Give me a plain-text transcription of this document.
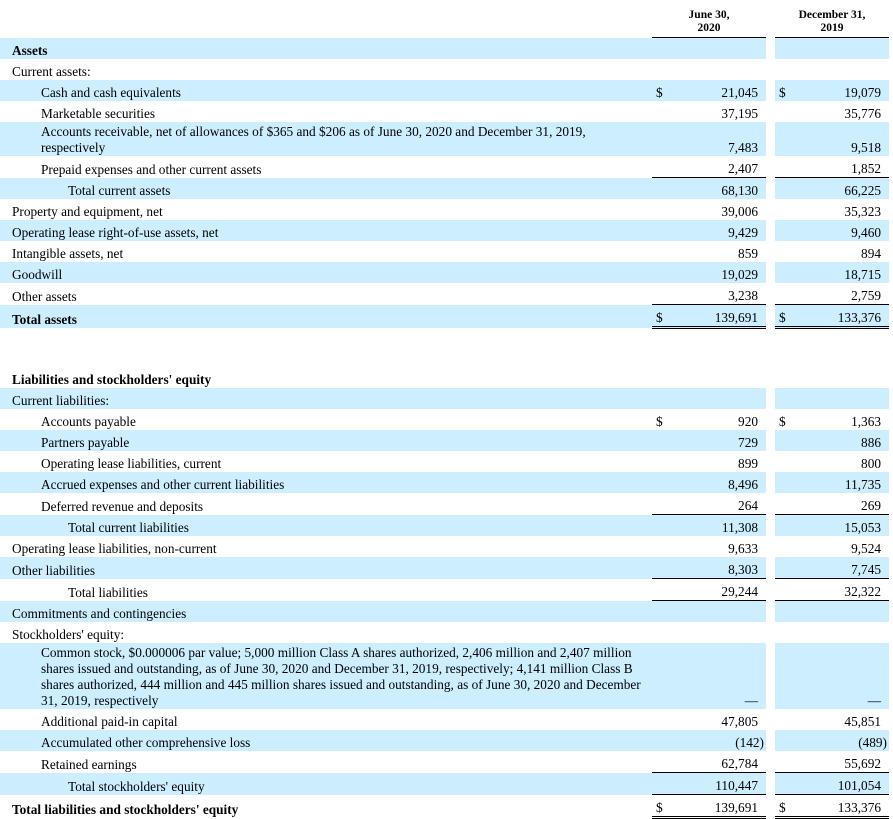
	June 30,
2020			December 31,
2019	
Assets					
Current assets:					
Cash and cash equivalents	$	21,045		$	19,079
Marketable securities		37,195			35,776
Accounts receivable, net of allowances of $365 and $206 as of June 30, 2020 and December 31, 2019, respectively		7,483			9,518
Prepaid expenses and other current assets		2,407			1,852
Total current assets		68,130			66,225
Property and equipment, net		39,006			35,323
Operating lease right-of-use assets, net		9,429			9,460
Intangible assets, net		859			894
Goodwill		19,029			18,715
Other assets		3,238			2,759
Total assets	$	139,691		$	133,376

Liabilities and stockholders' equity					
Current liabilities:					
Accounts payable	$	920		$	1,363
Partners payable		729			886
Operating lease liabilities, current		899			800
Accrued expenses and other current liabilities		8,496			11,735
Deferred revenue and deposits		264			269
Total current liabilities		11,308			15,053
Operating lease liabilities, non-current		9,633			9,524
Other liabilities		8,303			7,745
Total liabilities		29,244			32,322
Commitments and contingencies					
Stockholders' equity:					
Common stock, $0.000006 par value; 5,000 million Class A shares authorized, 2,406 million and 2,407 million shares issued and outstanding, as of June 30, 2020 and December 31, 2019, respectively; 4,141 million Class B shares authorized, 444 million and 445 million shares issued and outstanding, as of June 30, 2020 and December 31, 2019, respectively		—			—
Additional paid-in capital		47,805			45,851
Accumulated other comprehensive loss		(142)			(489)
Retained earnings		62,784			55,692
Total stockholders' equity		110,447			101,054
Total liabilities and stockholders' equity	$	139,691		$	133,376
